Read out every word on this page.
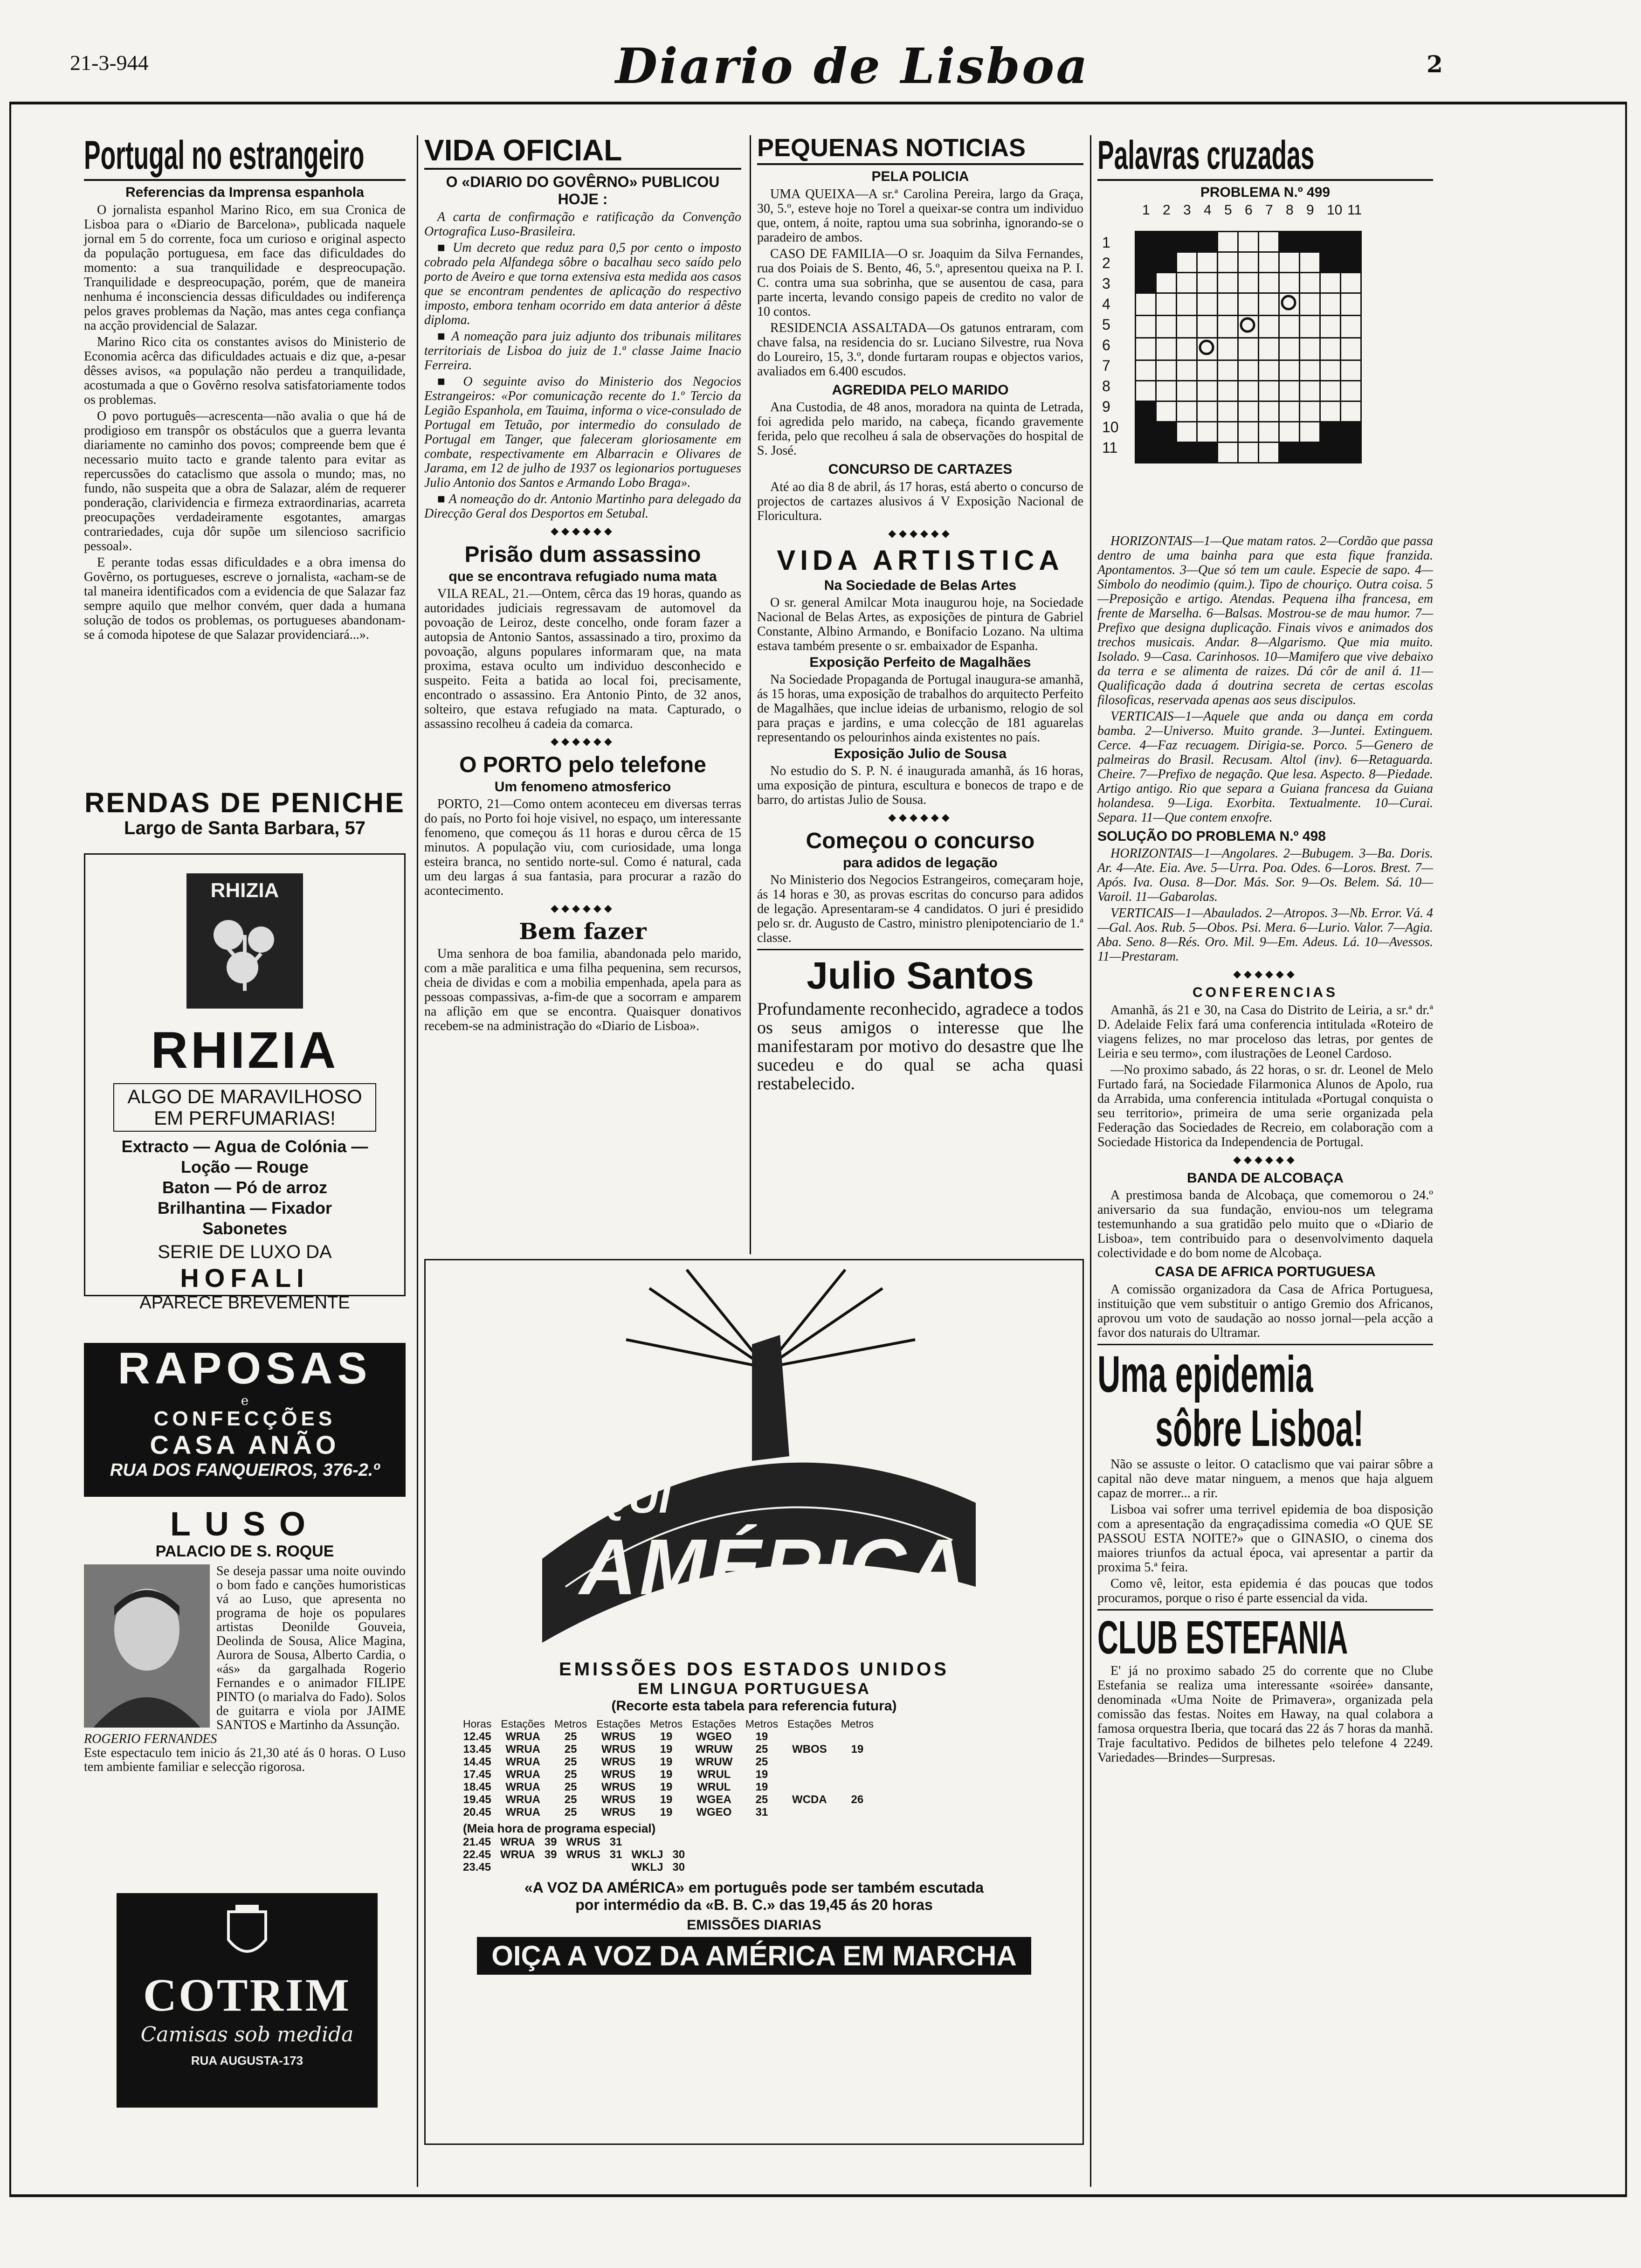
21-3-944	Diario de Lisboa	2
Portugal no estrangeiro
Referencias da Imprensa espanhola

O jornalista espanhol Marino Rico, em sua Cronica de Lisboa para o «Diario de Barcelona», publicada naquele jornal em 5 do corrente, foca um curioso e original aspecto da população portuguesa, em face das dificuldades do momento: a sua tranquilidade e despreocupação. Tranquilidade e despreocupação, porém, que de maneira nenhuma é inconsciencia dessas dificuldades ou indiferença pelos graves problemas da Nação, mas antes cega confiança na acção providencial de Salazar.

Marino Rico cita os constantes avisos do Ministerio de Economia acêrca das dificuldades actuais e diz que, a-pesar dêsses avisos, «a população não perdeu a tranquilidade, acostumada a que o Govêrno resolva satisfatoriamente todos os problemas.

O povo português—acrescenta—não avalia o que há de prodigioso em transpôr os obstáculos que a guerra levanta diariamente no caminho dos povos; compreende bem que é necessario muito tacto e grande talento para evitar as repercussões do cataclismo que assola o mundo; mas, no fundo, não suspeita que a obra de Salazar, além de requerer ponderação, clarividencia e firmeza extraordinarias, acarreta preocupações verdadeiramente esgotantes, amargas contrariedades, cuja dôr supõe um silencioso sacrificio pessoal».

E perante todas essas dificuldades e a obra imensa do Govêrno, os portugueses, escreve o jornalista, «acham-se de tal maneira identificados com a evidencia de que Salazar faz sempre aquilo que melhor convém, quer dada a humana solução de todos os problemas, os portugueses abandonam-se á comoda hipotese de que Salazar providenciará...».

RENDAS DE PENICHE
Largo de Santa Barbara, 57
RHIZIA
RHIZIA
ALGO DE MARAVILHOSO
EM PERFUMARIAS!
Extracto — Agua de Colónia — Loção — Rouge
Baton — Pó de arroz
Brilhantina — Fixador
Sabonetes
SERIE DE LUXO DA
HOFALI
APARECE BREVEMENTE
RAPOSAS
e
CONFECÇÕES
CASA ANÃO
RUA DOS FANQUEIROS, 376-2.º
LUSO
PALACIO DE S. ROQUE
Se deseja passar uma noite ouvindo o bom fado e canções humoristicas vá ao Luso, que apresenta no programa de hoje os populares artistas Deonilde Gouveia, Deolinda de Sousa, Alice Magina, Aurora de Sousa, Alberto Cardia, o «ás» da gargalhada Rogerio Fernandes e o animador FILIPE PINTO (o marialva do Fado). Solos de guitarra e viola por JAIME SANTOS e Martinho da Assunção.
ROGERIO FERNANDES
Este espectaculo tem inicio ás 21,30 até ás 0 horas. O Luso tem ambiente familiar e selecção rigorosa.
COTRIM
Camisas sob medida
RUA AUGUSTA-173
VIDA OFICIAL
O «DIARIO DO GOVÊRNO» PUBLICOU HOJE :

A carta de confirmação e ratificação da Convenção Ortografica Luso-Brasileira.

■ Um decreto que reduz para 0,5 por cento o imposto cobrado pela Alfandega sôbre o bacalhau seco saído pelo porto de Aveiro e que torna extensiva esta medida aos casos que se encontram pendentes de aplicação do respectivo imposto, embora tenham ocorrido em data anterior á dêste diploma.

■ A nomeação para juiz adjunto dos tribunais militares territoriais de Lisboa do juiz de 1.ª classe Jaime Inacio Ferreira.

■ O seguinte aviso do Ministerio dos Negocios Estrangeiros: «Por comunicação recente do 1.º Tercio da Legião Espanhola, em Tauima, informa o vice-consulado de Portugal em Tetuão, por intermedio do consulado de Portugal em Tanger, que faleceram gloriosamente em combate, respectivamente em Albarracin e Olivares de Jarama, em 12 de julho de 1937 os legionarios portugueses Julio Antonio dos Santos e Armando Lobo Braga».

■ A nomeação do dr. Antonio Martinho para delegado da Direcção Geral dos Desportos em Setubal.

◆◆◆◆◆◆
Prisão dum assassino
que se encontrava refugiado numa mata

VILA REAL, 21.—Ontem, cêrca das 19 horas, quando as autoridades judiciais regressavam de automovel da povoação de Leiroz, deste concelho, onde foram fazer a autopsia de Antonio Santos, assassinado a tiro, proximo da povoação, alguns populares informaram que, na mata proxima, estava oculto um individuo desconhecido e suspeito. Feita a batida ao local foi, precisamente, encontrado o assassino. Era Antonio Pinto, de 32 anos, solteiro, que estava refugiado na mata. Capturado, o assassino recolheu á cadeia da comarca.

◆◆◆◆◆◆
O PORTO pelo telefone
Um fenomeno atmosferico

PORTO, 21—Como ontem aconteceu em diversas terras do país, no Porto foi hoje visivel, no espaço, um interessante fenomeno, que começou ás 11 horas e durou cêrca de 15 minutos. A população viu, com curiosidade, uma longa esteira branca, no sentido norte-sul. Como é natural, cada um deu largas á sua fantasia, para procurar a razão do acontecimento.

◆◆◆◆◆◆
Bem fazer

Uma senhora de boa familia, abandonada pelo marido, com a mãe paralitica e uma filha pequenina, sem recursos, cheia de dividas e com a mobilia empenhada, apela para as pessoas compassivas, a-fim-de que a socorram e amparem na aflição em que se encontra. Quaisquer donativos recebem-se na administração do «Diario de Lisboa».

PEQUENAS NOTICIAS
PELA POLICIA

UMA QUEIXA—A sr.ª Carolina Pereira, largo da Graça, 30, 5.º, esteve hoje no Torel a queixar-se contra um individuo que, ontem, á noite, raptou uma sua sobrinha, ignorando-se o paradeiro de ambos.

CASO DE FAMILIA—O sr. Joaquim da Silva Fernandes, rua dos Poiais de S. Bento, 46, 5.º, apresentou queixa na P. I. C. contra uma sua sobrinha, que se ausentou de casa, para parte incerta, levando consigo papeis de credito no valor de 10 contos.

RESIDENCIA ASSALTADA—Os gatunos entraram, com chave falsa, na residencia do sr. Luciano Silvestre, rua Nova do Loureiro, 15, 3.º, donde furtaram roupas e objectos varios, avaliados em 6.400 escudos.

AGREDIDA PELO MARIDO

Ana Custodia, de 48 anos, moradora na quinta de Letrada, foi agredida pelo marido, na cabeça, ficando gravemente ferida, pelo que recolheu á sala de observações do hospital de S. José.

CONCURSO DE CARTAZES

Até ao dia 8 de abril, ás 17 horas, está aberto o concurso de projectos de cartazes alusivos á V Exposição Nacional de Floricultura.

◆◆◆◆◆◆
VIDA ARTISTICA
Na Sociedade de Belas Artes

O sr. general Amilcar Mota inaugurou hoje, na Sociedade Nacional de Belas Artes, as exposições de pintura de Gabriel Constante, Albino Armando, e Bonifacio Lozano. Na ultima estava também presente o sr. embaixador de Espanha.

Exposição Perfeito de Magalhães

Na Sociedade Propaganda de Portugal inaugura-se amanhã, ás 15 horas, uma exposição de trabalhos do arquitecto Perfeito de Magalhães, que inclue ideias de urbanismo, relogio de sol para praças e jardins, e uma colecção de 181 aguarelas representando os pelourinhos ainda existentes no país.

Exposição Julio de Sousa

No estudio do S. P. N. é inaugurada amanhã, ás 16 horas, uma exposição de pintura, escultura e bonecos de trapo e de barro, do artistas Julio de Sousa.

◆◆◆◆◆◆
Começou o concurso
para adidos de legação

No Ministerio dos Negocios Estrangeiros, começaram hoje, ás 14 horas e 30, as provas escritas do concurso para adidos de legação. Apresentaram-se 4 candidatos. O juri é presidido pelo sr. dr. Augusto de Castro, ministro plenipotenciario de 1.ª classe.

Julio Santos
Profundamente reconhecido, agradece a todos os seus amigos o interesse que lhe manifestaram por motivo do desastre que lhe sucedeu e do qual se acha quasi restabelecido.
AQUI
AMÉRICA
EMISSÕES DOS ESTADOS UNIDOS
EM LINGUA PORTUGUESA
(Recorte esta tabela para referencia futura)
Horas	Estações	Metros	Estações	Metros	Estações	Metros	Estações	Metros
12.45	WRUA	25	WRUS	19	WGEO	19		
13.45	WRUA	25	WRUS	19	WRUW	25	WBOS	19
14.45	WRUA	25	WRUS	19	WRUW	25		
17.45	WRUA	25	WRUS	19	WRUL	19		
18.45	WRUA	25	WRUS	19	WRUL	19		
19.45	WRUA	25	WRUS	19	WGEA	25	WCDA	26
20.45	WRUA	25	WRUS	19	WGEO	31		
(Meia hora de programa especial)
21.45	WRUA	39	WRUS	31				
22.45	WRUA	39	WRUS	31	WKLJ	30		
23.45					WKLJ	30		
«A VOZ DA AMÉRICA» em português pode ser também escutada
por intermédio da «B. B. C.» das 19,45 ás 20 horas
EMISSÕES DIARIAS
OIÇA A VOZ DA AMÉRICA EM MARCHA
Palavras cruzadas
PROBLEMA N.º 499
1 2 3 4 5 6 7 8 9 10 11
1
2
3
4
5
6
7
8
9
10
11

HORIZONTAIS—1—Que matam ratos. 2—Cordão que passa dentro de uma bainha para que esta fique franzida. Apontamentos. 3—Que só tem um caule. Especie de sapo. 4—Simbolo do neodimio (quim.). Tipo de chouriço. Outra coisa. 5—Preposição e artigo. Atendas. Pequena ilha francesa, em frente de Marselha. 6—Balsas. Mostrou-se de mau humor. 7—Prefixo que designa duplicação. Finais vivos e animados dos trechos musicais. Andar. 8—Algarismo. Que mia muito. Isolado. 9—Casa. Carinhosos. 10—Mamifero que vive debaixo da terra e se alimenta de raizes. Dá côr de anil á. 11—Qualificação dada á doutrina secreta de certas escolas filosoficas, reservada apenas aos seus discipulos.

VERTICAIS—1—Aquele que anda ou dança em corda bamba. 2—Universo. Muito grande. 3—Juntei. Extinguem. Cerce. 4—Faz recuagem. Dirigia-se. Porco. 5—Genero de palmeiras do Brasil. Recusam. Altol (inv). 6—Retaguarda. Cheire. 7—Prefixo de negação. Que lesa. Aspecto. 8—Piedade. Artigo antigo. Rio que separa a Guiana francesa da Guiana holandesa. 9—Liga. Exorbita. Textualmente. 10—Curai. Separa. 11—Que contem enxofre.

SOLUÇÃO DO PROBLEMA N.º 498

HORIZONTAIS—1—Angolares. 2—Bubugem. 3—Ba. Doris. Ar. 4—Ate. Eia. Ave. 5—Urra. Poa. Odes. 6—Loros. Brest. 7—Após. Iva. Ousa. 8—Dor. Más. Sor. 9—Os. Belem. Sá. 10—Varoil. 11—Gabarolas.

VERTICAIS—1—Abaulados. 2—Atropos. 3—Nb. Error. Vá. 4—Gal. Aos. Rub. 5—Obos. Psi. Mera. 6—Lurio. Valor. 7—Agia. Aba. Seno. 8—Rés. Oro. Mil. 9—Em. Adeus. Lá. 10—Avessos. 11—Prestaram.

◆◆◆◆◆◆
CONFERENCIAS

Amanhã, ás 21 e 30, na Casa do Distrito de Leiria, a sr.ª dr.ª D. Adelaide Felix fará uma conferencia intitulada «Roteiro de viagens felizes, no mar proceloso das letras, por gentes de Leiria e seu termo», com ilustrações de Leonel Cardoso.

—No proximo sabado, ás 22 horas, o sr. dr. Leonel de Melo Furtado fará, na Sociedade Filarmonica Alunos de Apolo, rua da Arrabida, uma conferencia intitulada «Portugal conquista o seu territorio», primeira de uma serie organizada pela Federação das Sociedades de Recreio, em colaboração com a Sociedade Historica da Independencia de Portugal.

◆◆◆◆◆◆
BANDA DE ALCOBAÇA

A prestimosa banda de Alcobaça, que comemorou o 24.º aniversario da sua fundação, enviou-nos um telegrama testemunhando a sua gratidão pelo muito que o «Diario de Lisboa», tem contribuido para o desenvolvimento daquela colectividade e do bom nome de Alcobaça.

CASA DE AFRICA PORTUGUESA

A comissão organizadora da Casa de Africa Portuguesa, instituição que vem substituir o antigo Gremio dos Africanos, aprovou um voto de saudação ao nosso jornal—pela acção a favor dos naturais do Ultramar.

Uma epidemia
sôbre Lisboa!

Não se assuste o leitor. O cataclismo que vai pairar sôbre a capital não deve matar ninguem, a menos que haja alguem capaz de morrer... a rir.

Lisboa vai sofrer uma terrivel epidemia de boa disposição com a apresentação da engraçadissima comedia «O QUE SE PASSOU ESTA NOITE?» que o GINASIO, o cinema dos maiores triunfos da actual época, vai apresentar a partir da proxima 5.ª feira.

Como vê, leitor, esta epidemia é das poucas que todos procuramos, porque o riso é parte essencial da vida.

CLUB ESTEFANIA

E' já no proximo sabado 25 do corrente que no Clube Estefania se realiza uma interessante «soirée» dansante, denominada «Uma Noite de Primavera», organizada pela comissão das festas. Noites em Haway, na qual colabora a famosa orquestra Iberia, que tocará das 22 ás 7 horas da manhã. Traje facultativo. Pedidos de bilhetes pelo telefone 4 2249. Variedades—Brindes—Surpresas.
